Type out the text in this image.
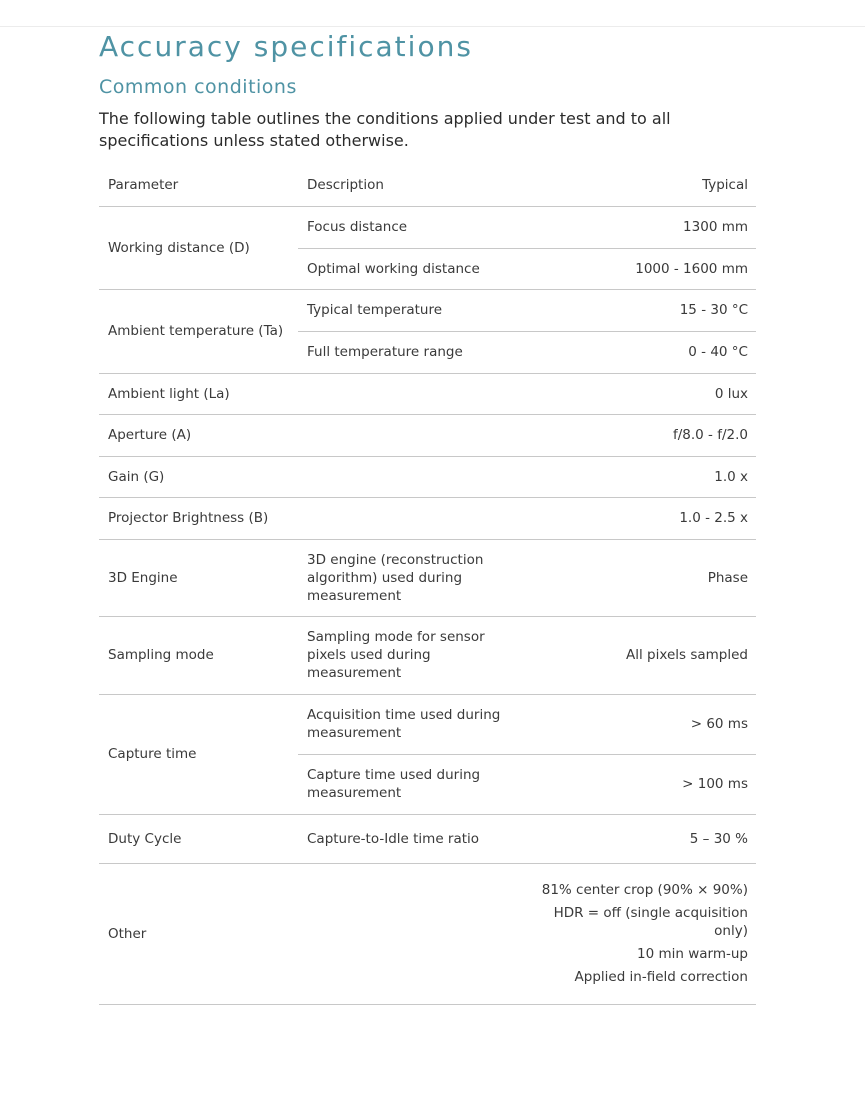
Accuracy specifications
Common conditions

The following table outlines the conditions applied under test and to all specifications unless stated otherwise.

Parameter	Description	Typical
Working distance (D)	Focus distance	1300 mm
	Optimal working distance	1000 - 1600 mm
Ambient temperature (Ta)	Typical temperature	15 - 30 °C
	Full temperature range	0 - 40 °C
Ambient light (La)		0 lux
Aperture (A)		f/8.0 - f/2.0
Gain (G)		1.0 x
Projector Brightness (B)		1.0 - 2.5 x
3D Engine	3D engine (reconstruction algorithm) used during measurement	Phase
Sampling mode	Sampling mode for sensor pixels used during measurement	All pixels sampled
Capture time	Acquisition time used during measurement	> 60 ms
	Capture time used during measurement	> 100 ms
Duty Cycle	Capture-to-Idle time ratio	5 – 30 %
Other		81% center crop (90% × 90%)
HDR = off (single acquisition only)
10 min warm-up
Applied in-field correction
